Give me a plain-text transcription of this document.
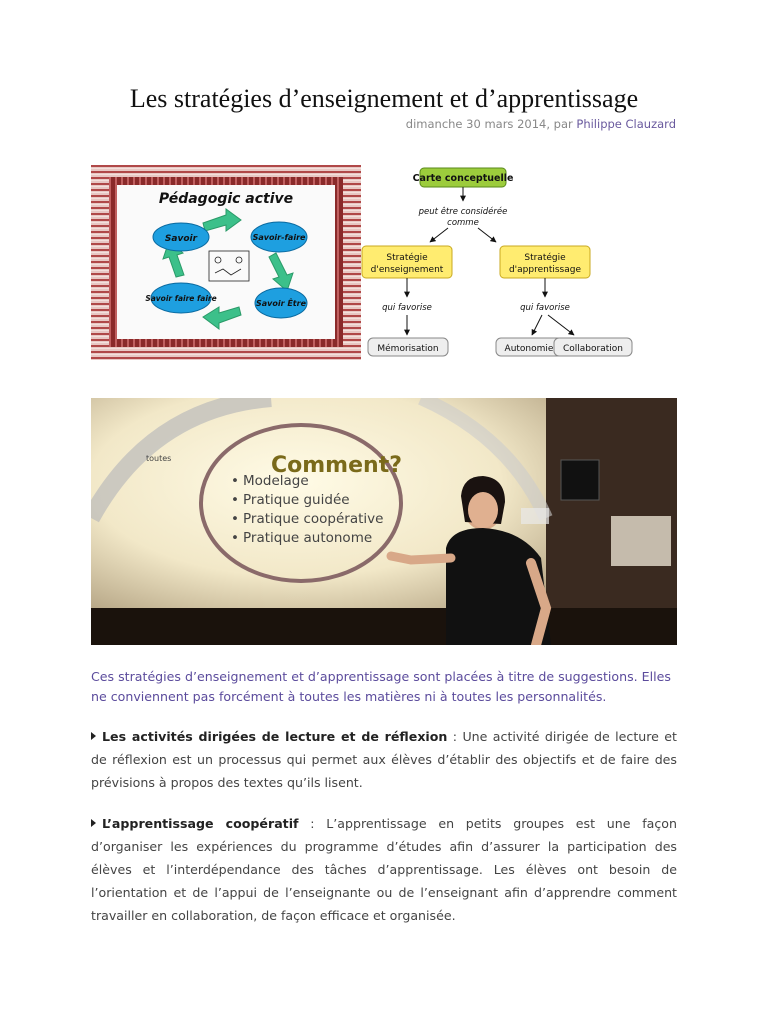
Les stratégies d’enseignement et d’apprentissage
dimanche 30 mars 2014, par Philippe Clauzard
Pédagogic active
Savoir	Savoir-faire
Savoir Être
Savoir faire faire
Carte conceptuelle
peut être considérée
comme
Stratégie
d'enseignement
Stratégie
d'apprentissage
qui favorise	qui favorise
Mémorisation	Autonomie Collaboration
toutes	Comment?
• Modelage
• Pratique guidée
• Pratique coopérative
• Pratique autonome
Ces stratégies d’enseignement et d’apprentissage sont placées à titre de suggestions. Elles ne conviennent pas forcément à toutes les matières ni à toutes les personnalités.
Les activités dirigées de lecture et de réflexion : Une activité dirigée de lecture et de réflexion est un processus qui permet aux élèves d’établir des objectifs et de faire des prévisions à propos des textes qu’ils lisent.
L’apprentissage coopératif : L’apprentissage en petits groupes est une façon d’organiser les expériences du programme d’études afin d’assurer la participation des élèves et l’interdépendance des tâches d’apprentissage. Les élèves ont besoin de l’orientation et de l’appui de l’enseignante ou de l’enseignant afin d’apprendre comment travailler en collaboration, de façon efficace et organisée.
